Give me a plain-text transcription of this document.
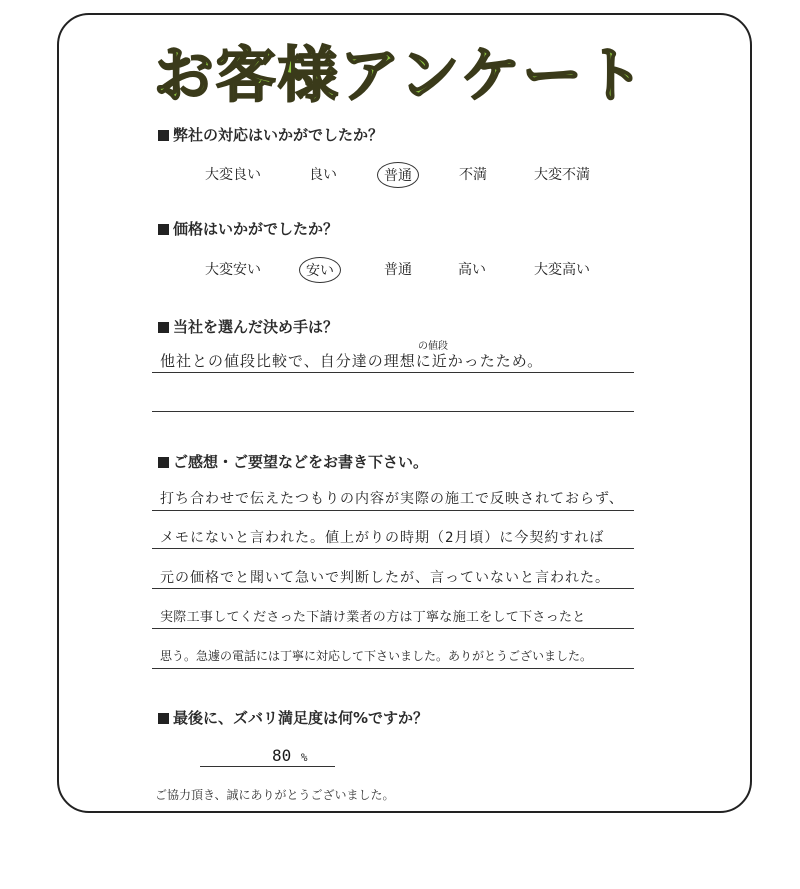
お客様アンケート
弊社の対応はいかがでしたか？
大変良い	良い	普通	不満	大変不満
価格はいかがでしたか？
大変安い	安い	普通	高い	大変高い
当社を選んだ決め手は？
の値段
他社との値段比較で、自分達の理想に近かったため。
ご感想・ご要望などをお書き下さい。
打ち合わせで伝えたつもりの内容が実際の施工で反映されておらず、
メモにないと言われた。値上がりの時期（2月頃）に今契約すれば
元の価格でと聞いて急いで判断したが、言っていないと言われた。
実際工事してくださった下請け業者の方は丁寧な施工をして下さったと
思う。急遽の電話には丁寧に対応して下さいました。ありがとうございました。
最後に、ズバリ満足度は何%ですか？
80 %
ご協力頂き、誠にありがとうございました。
